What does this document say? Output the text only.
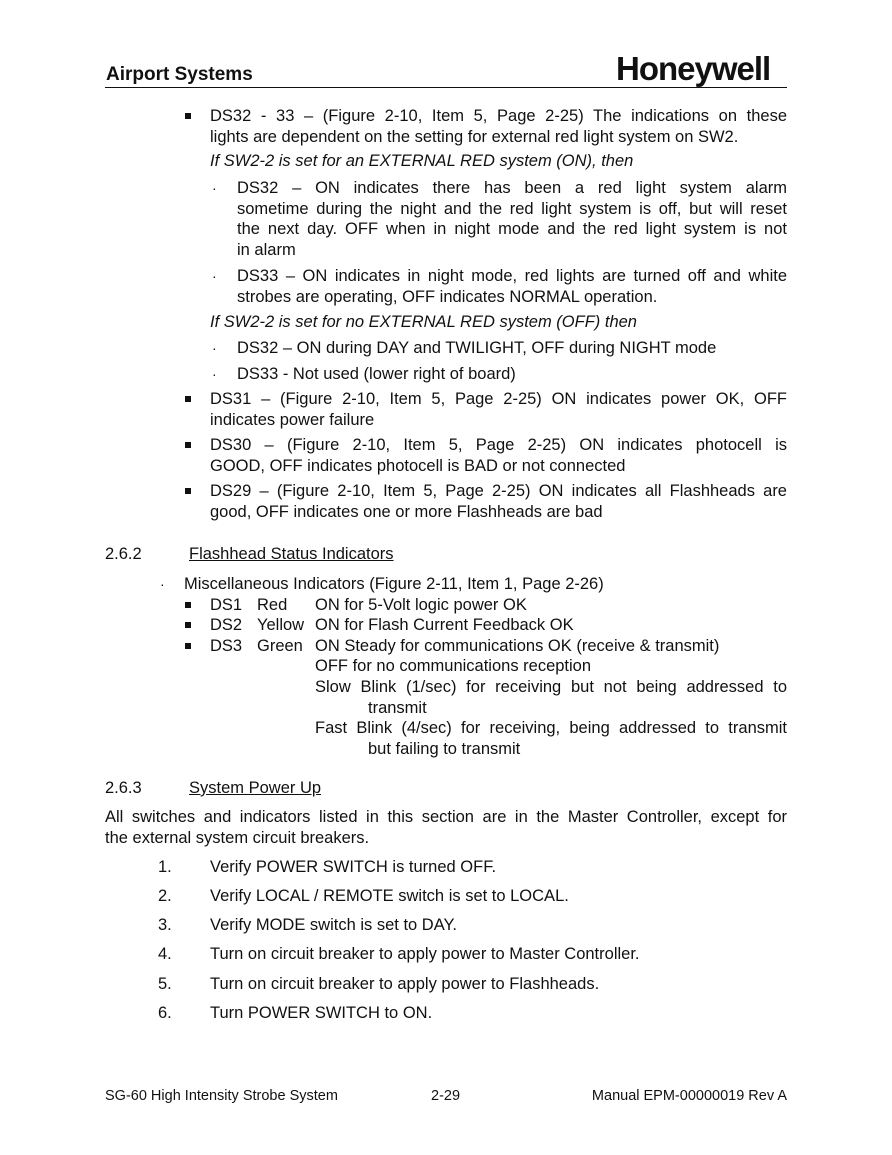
Airport Systems	Honeywell
DS32 - 33 – (Figure 2-10, Item 5, Page 2-25) The indications on these
lights are dependent on the setting for external red light system on SW2.
If SW2-2 is set for an EXTERNAL RED system (ON), then
· DS32 – ON indicates there has been a red light system alarm
sometime during the night and the red light system is off, but will reset
the next day. OFF when in night mode and the red light system is not
in alarm
· DS33 – ON indicates in night mode, red lights are turned off and white
strobes are operating, OFF indicates NORMAL operation.
If SW2-2 is set for no EXTERNAL RED system (OFF) then
· DS32 – ON during DAY and TWILIGHT, OFF during NIGHT mode
· DS33 - Not used (lower right of board)
DS31 – (Figure 2-10, Item 5, Page 2-25) ON indicates power OK, OFF
indicates power failure
DS30 – (Figure 2-10, Item 5, Page 2-25) ON indicates photocell is
GOOD, OFF indicates photocell is BAD or not connected
DS29 – (Figure 2-10, Item 5, Page 2-25) ON indicates all Flashheads are
good, OFF indicates one or more Flashheads are bad
2.6.2	Flashhead Status Indicators
· Miscellaneous Indicators (Figure 2-11, Item 1, Page 2-26)
DS1 Red ON for 5-Volt logic power OK
DS2 Yellow ON for Flash Current Feedback OK
DS3 Green ON Steady for communications OK (receive & transmit)
OFF for no communications reception
Slow Blink (1/sec) for receiving but not being addressed to
transmit
Fast Blink (4/sec) for receiving, being addressed to transmit
but failing to transmit
2.6.3	System Power Up
All switches and indicators listed in this section are in the Master Controller, except for
the external system circuit breakers.
1. Verify POWER SWITCH is turned OFF.
2. Verify LOCAL / REMOTE switch is set to LOCAL.
3. Verify MODE switch is set to DAY.
4. Turn on circuit breaker to apply power to Master Controller.
5. Turn on circuit breaker to apply power to Flashheads.
6. Turn POWER SWITCH to ON.
SG-60 High Intensity Strobe System	2-29	Manual EPM-00000019 Rev A
